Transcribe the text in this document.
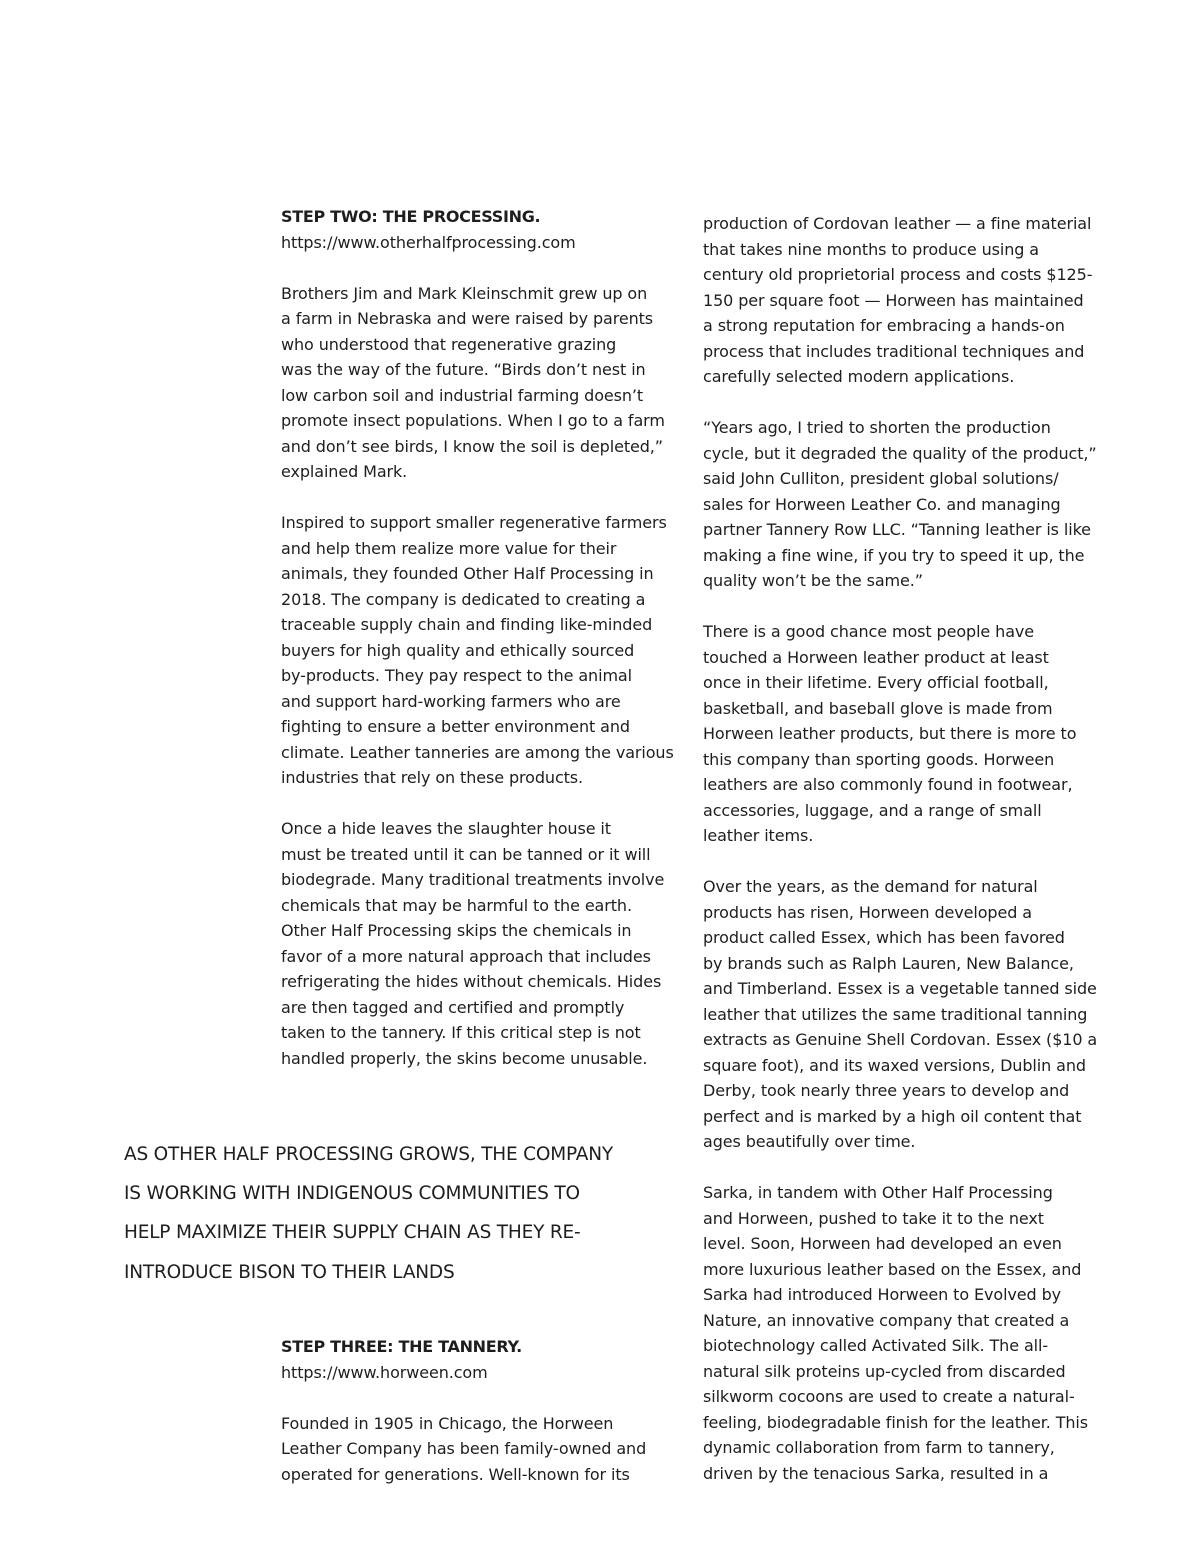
STEP TWO: THE PROCESSING.
https://www.otherhalfprocessing.com
Brothers Jim and Mark Kleinschmit grew up on
a farm in Nebraska and were raised by parents
who understood that regenerative grazing
was the way of the future. “Birds don’t nest in
low carbon soil and industrial farming doesn’t
promote insect populations. When I go to a farm
and don’t see birds, I know the soil is depleted,”
explained Mark.
Inspired to support smaller regenerative farmers
and help them realize more value for their
animals, they founded Other Half Processing in
2018. The company is dedicated to creating a
traceable supply chain and finding like-minded
buyers for high quality and ethically sourced
by-products. They pay respect to the animal
and support hard-working farmers who are
fighting to ensure a better environment and
climate. Leather tanneries are among the various
industries that rely on these products.
Once a hide leaves the slaughter house it
must be treated until it can be tanned or it will
biodegrade. Many traditional treatments involve
chemicals that may be harmful to the earth.
Other Half Processing skips the chemicals in
favor of a more natural approach that includes
refrigerating the hides without chemicals. Hides
are then tagged and certified and promptly
taken to the tannery. If this critical step is not
handled properly, the skins become unusable.
AS OTHER HALF PROCESSING GROWS, THE COMPANY
IS WORKING WITH INDIGENOUS COMMUNITIES TO
HELP MAXIMIZE THEIR SUPPLY CHAIN AS THEY RE-
INTRODUCE BISON TO THEIR LANDS
STEP THREE: THE TANNERY.
https://www.horween.com
Founded in 1905 in Chicago, the Horween
Leather Company has been family-owned and
operated for generations. Well-known for its
production of Cordovan leather — a fine material
that takes nine months to produce using a
century old proprietorial process and costs $125-
150 per square foot — Horween has maintained
a strong reputation for embracing a hands-on
process that includes traditional techniques and
carefully selected modern applications.
“Years ago, I tried to shorten the production
cycle, but it degraded the quality of the product,”
said John Culliton, president global solutions/
sales for Horween Leather Co. and managing
partner Tannery Row LLC. “Tanning leather is like
making a fine wine, if you try to speed it up, the
quality won’t be the same.”
There is a good chance most people have
touched a Horween leather product at least
once in their lifetime. Every official football,
basketball, and baseball glove is made from
Horween leather products, but there is more to
this company than sporting goods. Horween
leathers are also commonly found in footwear,
accessories, luggage, and a range of small
leather items.
Over the years, as the demand for natural
products has risen, Horween developed a
product called Essex, which has been favored
by brands such as Ralph Lauren, New Balance,
and Timberland. Essex is a vegetable tanned side
leather that utilizes the same traditional tanning
extracts as Genuine Shell Cordovan. Essex ($10 a
square foot), and its waxed versions, Dublin and
Derby, took nearly three years to develop and
perfect and is marked by a high oil content that
ages beautifully over time.
Sarka, in tandem with Other Half Processing
and Horween, pushed to take it to the next
level. Soon, Horween had developed an even
more luxurious leather based on the Essex, and
Sarka had introduced Horween to Evolved by
Nature, an innovative company that created a
biotechnology called Activated Silk. The all-
natural silk proteins up-cycled from discarded
silkworm cocoons are used to create a natural-
feeling, biodegradable finish for the leather. This
dynamic collaboration from farm to tannery,
driven by the tenacious Sarka, resulted in a
